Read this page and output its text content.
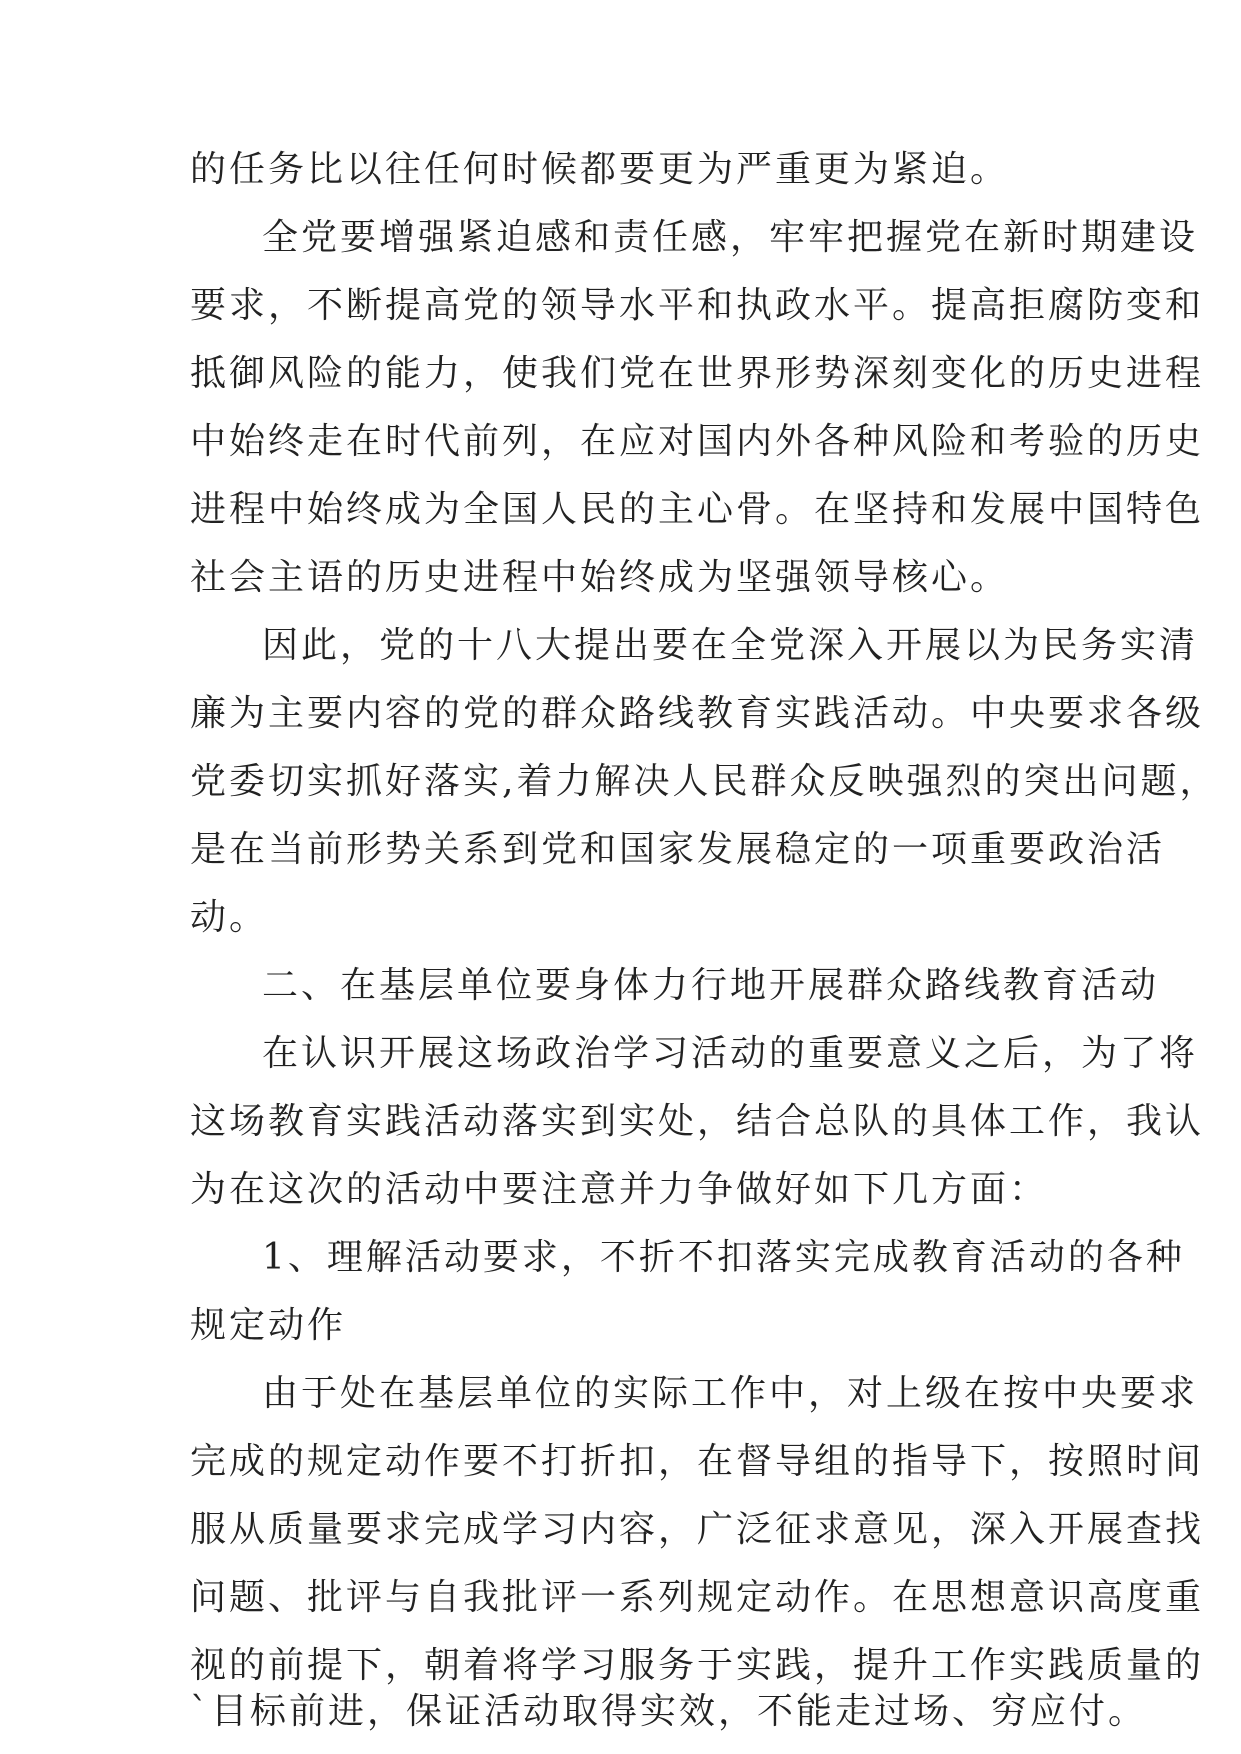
的任务比以往任何时候都要更为严重更为紧迫。
全党要增强紧迫感和责任感，牢牢把握党在新时期建设
要求，不断提高党的领导水平和执政水平。提高拒腐防变和
抵御风险的能力，使我们党在世界形势深刻变化的历史进程
中始终走在时代前列，在应对国内外各种风险和考验的历史
进程中始终成为全国人民的主心骨。在坚持和发展中国特色
社会主语的历史进程中始终成为坚强领导核心。
因此，党的十八大提出要在全党深入开展以为民务实清
廉为主要内容的党的群众路线教育实践活动。中央要求各级
党委切实抓好落实,着力解决人民群众反映强烈的突出问题，
是在当前形势关系到党和国家发展稳定的一项重要政治活
动。
二、在基层单位要身体力行地开展群众路线教育活动
在认识开展这场政治学习活动的重要意义之后，为了将
这场教育实践活动落实到实处，结合总队的具体工作，我认
为在这次的活动中要注意并力争做好如下几方面：
1、理解活动要求，不折不扣落实完成教育活动的各种
规定动作
由于处在基层单位的实际工作中，对上级在按中央要求
完成的规定动作要不打折扣，在督导组的指导下，按照时间
服从质量要求完成学习内容，广泛征求意见，深入开展查找
问题、批评与自我批评一系列规定动作。在思想意识高度重
视的前提下，朝着将学习服务于实践，提升工作实践质量的
`目标前进，保证活动取得实效，不能走过场、穷应付。
